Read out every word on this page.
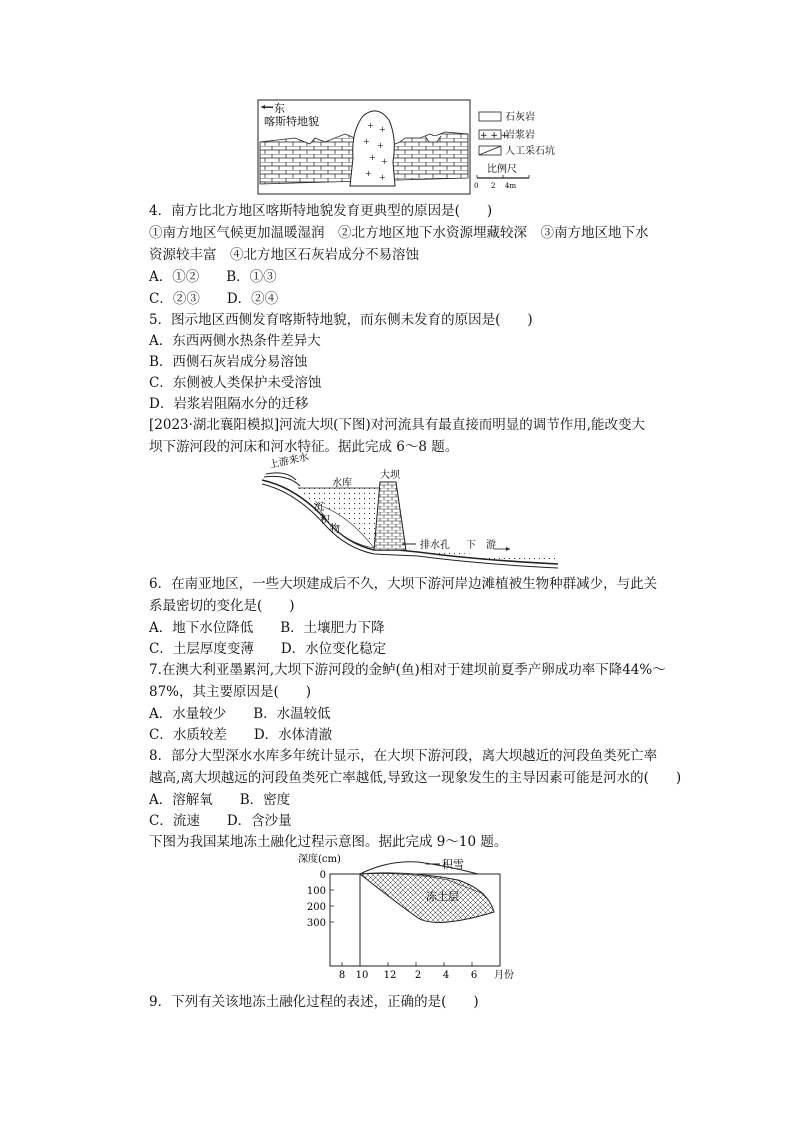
+ +
+ +
+ +
+ +
一东
喀斯特地貌	石灰岩
+ + +
岩浆岩
人工采石坑
比例尺
0 2 4m
4．南方比北方地区喀斯特地貌发育更典型的原因是(　　)
①南方地区气候更加温暖湿润　②北方地区地下水资源埋藏较深　③南方地区地下水
资源较丰富　④北方地区石灰岩成分不易溶蚀
A．①②　　B．①③
C．②③　　D．②④
5．图示地区西侧发育喀斯特地貌，而东侧未发育的原因是(　　)
A．东西两侧水热条件差异大
B．西侧石灰岩成分易溶蚀
C．东侧被人类保护未受溶蚀
D．岩浆岩阻隔水分的迁移
[2023·湖北襄阳模拟]河流大坝(下图)对河流具有最直接而明显的调节作用,能改变大
坝下游河段的河床和河水特征。据此完成 6～8 题。
上游来水
水库
大坝
沉
积
物
排水孔 下　游
6．在南亚地区，一些大坝建成后不久，大坝下游河岸边滩植被生物种群减少，与此关
系最密切的变化是(　　)
A．地下水位降低　　B．土壤肥力下降
C．土层厚度变薄　　D．水位变化稳定
7.在澳大利亚墨累河,大坝下游河段的金鲈(鱼)相对于建坝前夏季产卵成功率下降44%～
87%，其主要原因是(　　)
A．水量较少　　B．水温较低
C．水质较差　　D．水体清澈
8．部分大型深水水库多年统计显示，在大坝下游河段，离大坝越近的河段鱼类死亡率
越高,离大坝越远的河段鱼类死亡率越低,导致这一现象发生的主导因素可能是河水的(　　)
A．溶解氧　　B．密度
C．流速　　D．含沙量
下图为我国某地冻土融化过程示意图。据此完成 9～10 题。
积雪
冻土层
深度(cm)
0
100
200
300
8 10 12 2 4 6 月份
9．下列有关该地冻土融化过程的表述，正确的是(　　)
